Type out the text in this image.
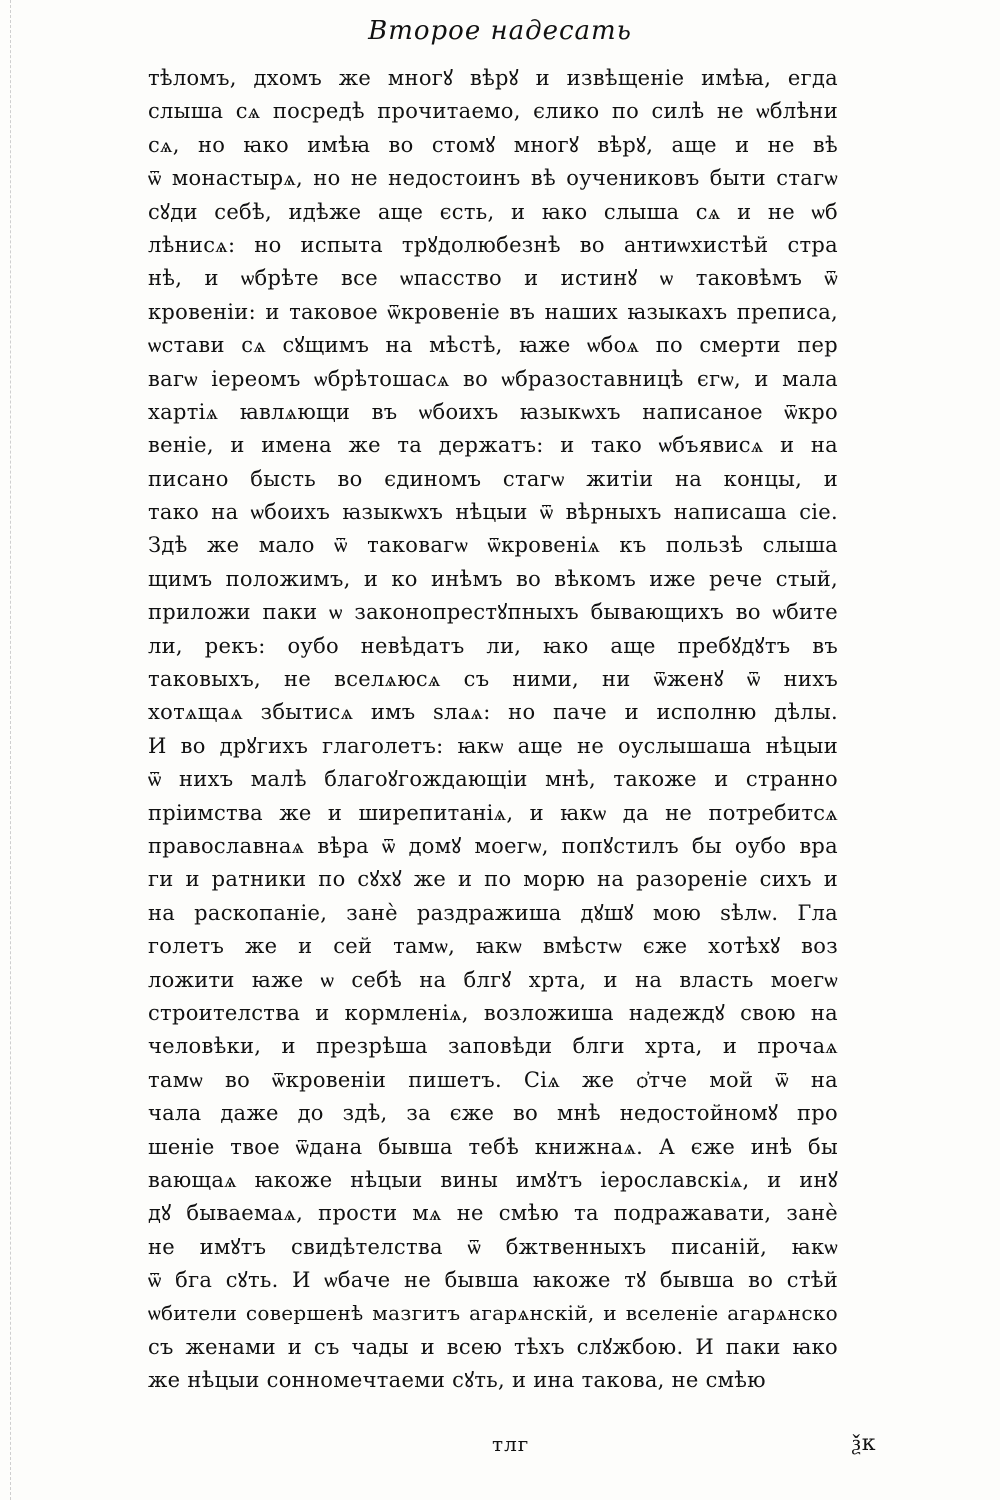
Второе надесать
тѣломъ, дхомъ же многꙋ вѣрꙋ и извѣщеніе имѣꙗ, егда
слыша сѧ посредѣ прочитаемо, єлико по силѣ не ѡблѣни
сѧ, но ꙗко имѣꙗ во стомꙋ многꙋ вѣрꙋ, аще и не вѣ
ѿ монастырѧ, но не недостоинъ вѣ оучениковъ быти стагѡ
сꙋди себѣ, идѣже аще єсть, и ꙗко слыша сѧ и не ѡб
лѣнисѧ: но испыта трꙋдолюбезнѣ во антиѡхистѣй стра
нѣ, и ѡбрѣте все ѡпасство и истинꙋ ѡ таковѣмъ ѿ
кровеніи: и таковое ѿкровеніе въ наших ꙗзыкахъ преписа,
ѡстави сѧ сꙋщимъ на мѣстѣ, ꙗже ѡбоѧ по смерти пер
вагѡ іереомъ ѡбрѣтошасѧ во ѡбразоставницѣ єгѡ, и мала
хартіѧ ꙗвлѧющи въ ѡбоихъ ꙗзыкѡхъ написаное ѿкро
веніе, и имена же та держатъ: и тако ѡбъявисѧ и на
писано бысть во єдиномъ стагѡ житіи на концы, и
тако на ѡбоихъ ꙗзыкѡхъ нѣцыи ѿ вѣрныхъ написаша сіе.
Здѣ же мало ѿ таковагѡ ѿкровеніѧ къ пользѣ слыша
щимъ положимъ, и ко инѣмъ во вѣкомъ иже рече стый,
приложи паки ѡ законопрестꙋпныхъ бывающихъ во ѡбите
ли, рекъ: оубо невѣдатъ ли, ꙗко аще пребꙋдꙋтъ въ
таковыхъ, не вселѧюсѧ съ ними, ни ѿженꙋ ѿ нихъ
хотѧщаѧ збытисѧ имъ ѕлаѧ: но паче и исполню дѣлы.
И во дрꙋгихъ глаголетъ: ꙗкѡ аще не оуслышаша нѣцыи
ѿ нихъ малѣ благоꙋгождающіи мнѣ, такоже и странно
пріимства же и шиpепитаніѧ, и ꙗкѡ да не потребитсѧ
православнаѧ вѣра ѿ домꙋ моегѡ, попꙋстилъ бы оубо вра
ги и ратники по сꙋхꙋ же и по морю на разореніе сихъ и
на раскопаніе, занѐ раздражиша дꙋшꙋ мою ѕѣлѡ. Гла
голетъ же и сей тамѡ, ꙗкѡ вмѣстѡ єже хотѣхꙋ воз
ложити ꙗже ѡ себѣ на блгꙋ хрта, и на власть моегѡ
строителства и кормленіѧ, возложиша надеждꙋ свою на
человѣки, и презрѣша заповѣди блги хрта, и прочаѧ
тамѡ во ѿкровеніи пишетъ. Сіѧ же ѻ҆тче мой ѿ на
чала даже до здѣ, за єже во мнѣ недостойномꙋ про
шеніе твое ѿдана бывша тебѣ книжнаѧ. А єже инѣ бы
вающаѧ ꙗкоже нѣцыи вины имꙋтъ іерославскіѧ, и инꙋ
дꙋ бываемаѧ, прости мѧ не смѣю та подражавати, занѐ
не имꙋтъ свидѣтелства ѿ бжтвенныхъ писаній, ꙗкѡ
ѿ бга сꙋть. И ѡбаче не бывша ꙗкоже тꙋ бывша во стѣй
ѡбители совершенѣ мазгитъ агарѧнскій, и вселеніе агарѧнско
съ женами и съ чады и всею тѣхъ слꙋжбою. И паки ꙗко
же нѣцыи сонномечтаеми сꙋть, и ина такова, не смѣю
тлг	ѯк
